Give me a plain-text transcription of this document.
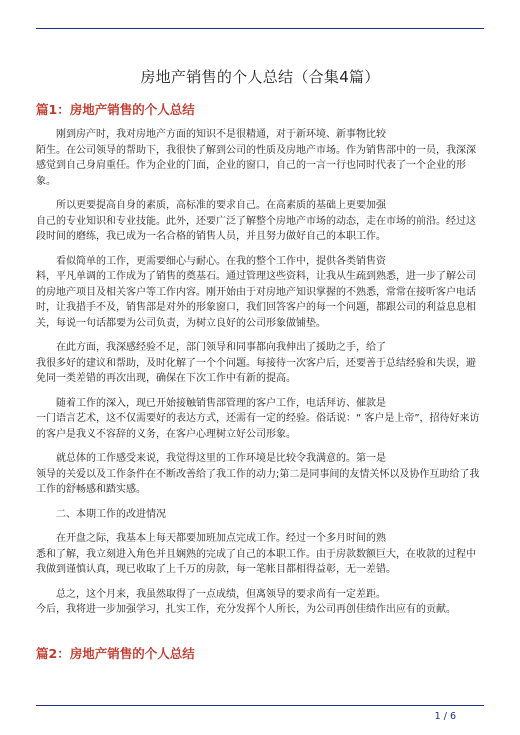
房地产销售的个人总结（合集4篇）
篇1：房地产销售的个人总结

刚到房产时，我对房地产方面的知识不是很精通，对于新环境、新事物比较
陌生。在公司领导的帮助下，我很快了解到公司的性质及房地产市场。作为销售部中的一员，我深深感觉到自己身肩重任。作为企业的门面，企业的窗口，自己的一言一行也同时代表了一个企业的形象。

所以更要提高自身的素质，高标准的要求自己。在高素质的基础上更要加强
自己的专业知识和专业技能。此外，还要广泛了解整个房地产市场的动态，走在市场的前沿。经过这段时间的磨练，我已成为一名合格的销售人员，并且努力做好自己的本职工作。

看似简单的工作，更需要细心与耐心。在我的整个工作中，提供各类销售资
料，平凡单调的工作成为了销售的奠基石。通过管理这些资料，让我从生疏到熟悉，进一步了解公司的房地产项目及相关客户等工作内容。刚开始由于对房地产知识掌握的不熟悉，常常在接听客户电话时，让我措手不及，销售部是对外的形象窗口，我们回答客户的每一个问题，都跟公司的利益息息相关，每说一句话都要为公司负责，为树立良好的公司形象做铺垫。

在此方面，我深感经验不足，部门领导和同事都向我伸出了援助之手，给了
我很多好的建议和帮助，及时化解了一个个问题。每接待一次客户后，还要善于总结经验和失误，避免同一类差错的再次出现，确保在下次工作中有新的提高。

随着工作的深入，现已开始接触销售部管理的客户工作，电话拜访、催款是
一门语言艺术，这不仅需要好的表达方式，还需有一定的经验。俗话说：“ 客户是上帝”，招待好来访的客户是我义不容辞的义务，在客户心理树立好公司形象。

就总体的工作感受来说，我觉得这里的工作环境是比较令我满意的。第一是
领导的关爱以及工作条件在不断改善给了我工作的动力;第二是同事间的友情关怀以及协作互助给了我工作的舒畅感和踏实感。

二、本期工作的改进情况

在开盘之际，我基本上每天都要加班加点完成工作。经过一个多月时间的熟
悉和了解，我立刻进入角色并且娴熟的完成了自己的本职工作。由于房款数额巨大，在收款的过程中我做到谨慎认真，现已收取了上千万的房款，每一笔帐目都相得益彰，无一差错。

总之，这个月来，我虽然取得了一点成绩，但离领导的要求尚有一定差距。
今后，我将进一步加强学习，扎实工作，充分发挥个人所长，为公司再创佳绩作出应有的贡献。

篇2：房地产销售的个人总结
1 / 6
